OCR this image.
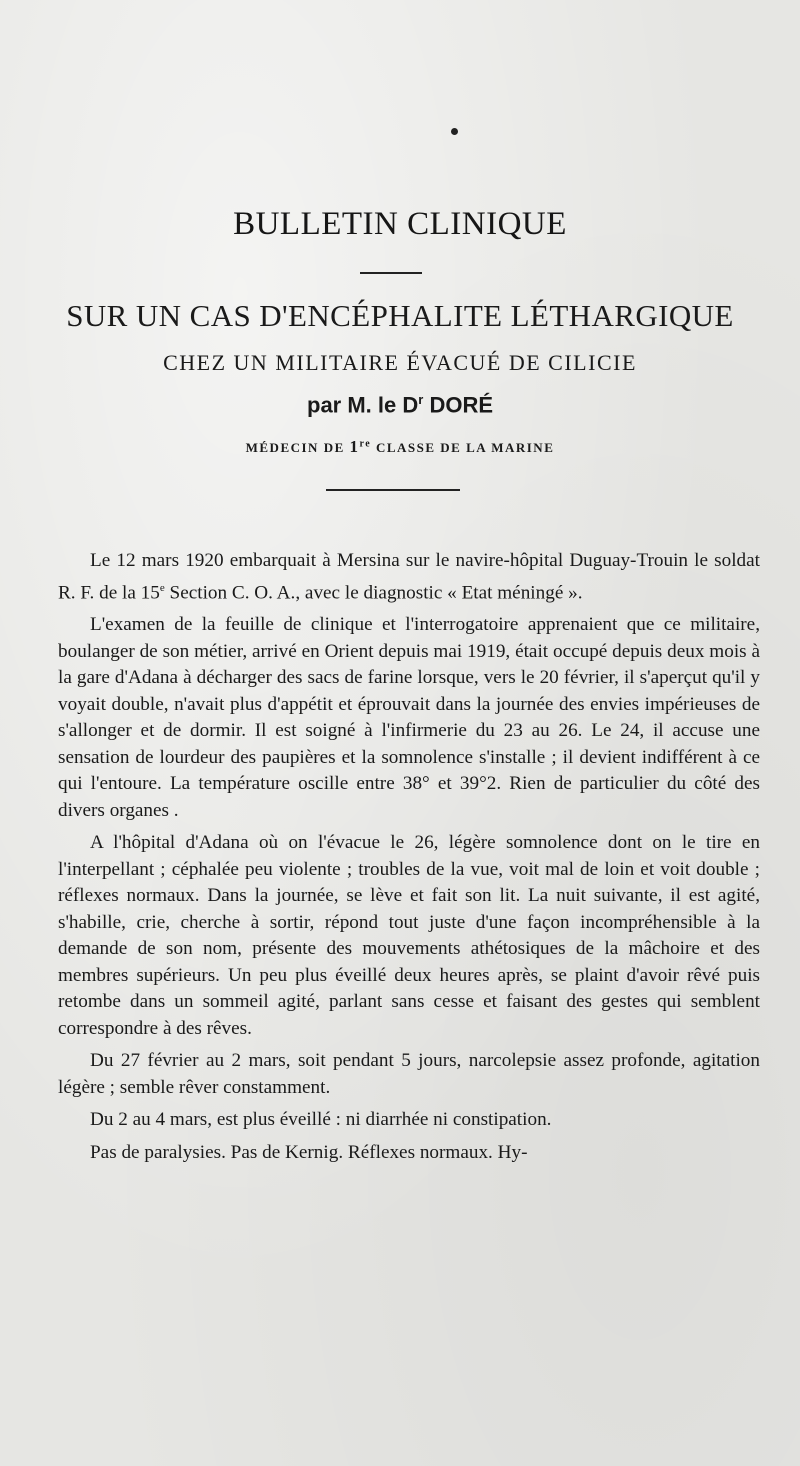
BULLETIN CLINIQUE
SUR UN CAS D'ENCÉPHALITE LÉTHARGIQUE
CHEZ UN MILITAIRE ÉVACUÉ DE CILICIE
par M. le $D^r$ DORÉ
MÉDECIN DE 1re CLASSE DE LA MARINE

Le 12 mars 1920 embarquait à Mersina sur le navire-hôpital Duguay-Trouin le soldat R. F. de la 15e Section C. O. A., avec le diagnostic « Etat méningé ».

L'examen de la feuille de clinique et l'interrogatoire apprenaient que ce militaire, boulanger de son métier, arrivé en Orient depuis mai 1919, était occupé depuis deux mois à la gare d'Adana à décharger des sacs de farine lorsque, vers le 20 février, il s'aperçut qu'il y voyait double, n'avait plus d'appétit et éprouvait dans la journée des envies impérieuses de s'allonger et de dormir. Il est soigné à l'infirmerie du 23 au 26. Le 24, il accuse une sensation de lourdeur des paupières et la somnolence s'installe ; il devient indifférent à ce qui l'entoure. La température oscille entre 38° et 39°2. Rien de particulier du côté des divers organes .

A l'hôpital d'Adana où on l'évacue le 26, légère somnolence dont on le tire en l'interpellant ; céphalée peu violente ; troubles de la vue, voit mal de loin et voit double ; réflexes normaux. Dans la journée, se lève et fait son lit. La nuit suivante, il est agité, s'habille, crie, cherche à sortir, répond tout juste d'une façon incompréhensible à la demande de son nom, présente des mouvements athétosiques de la mâchoire et des membres supérieurs. Un peu plus éveillé deux heures après, se plaint d'avoir rêvé puis retombe dans un sommeil agité, parlant sans cesse et faisant des gestes qui semblent correspondre à des rêves.

Du 27 février au 2 mars, soit pendant 5 jours, narcolepsie assez profonde, agitation légère ; semble rêver constamment.

Du 2 au 4 mars, est plus éveillé : ni diarrhée ni constipation.

Pas de paralysies. Pas de Kernig. Réflexes normaux. Hy-
